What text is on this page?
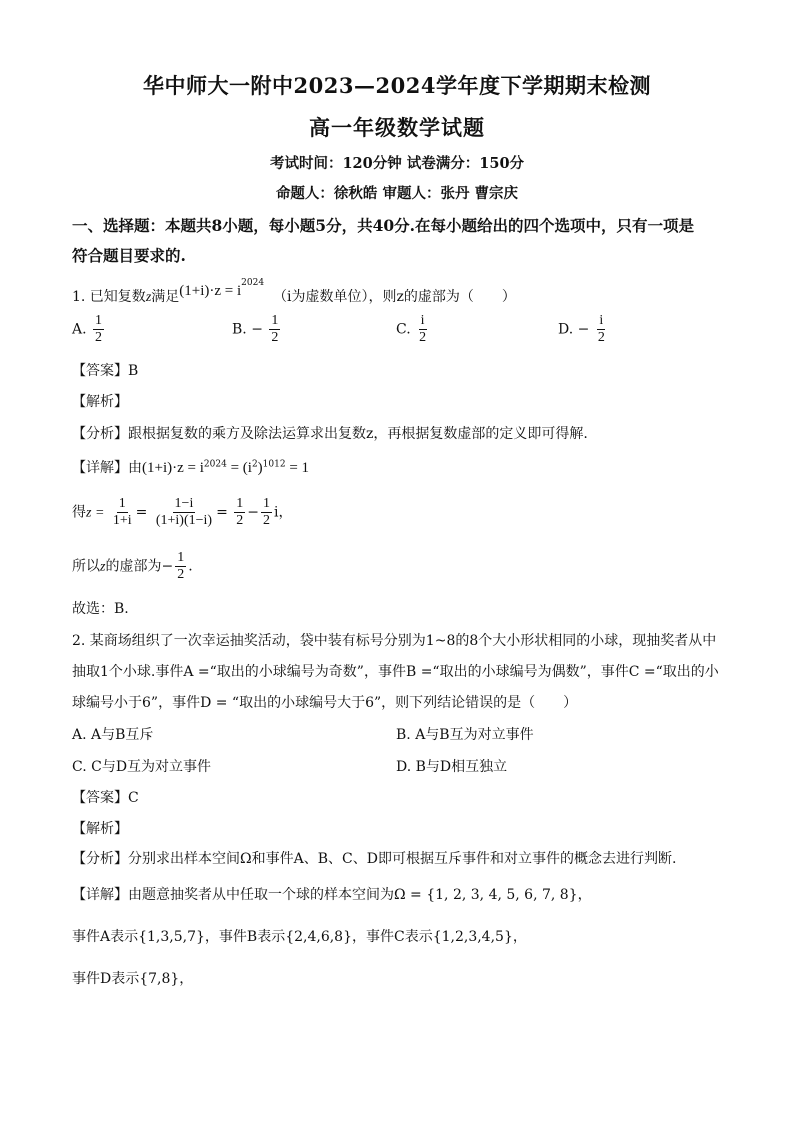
华中师大一附中2023—2024学年度下学期期末检测
高一年级数学试题
考试时间：120分钟 试卷满分：150分
命题人：徐秋皓 审题人：张丹 曹宗庆
一、选择题：本题共8小题，每小题5分，共40分.在每小题给出的四个选项中，只有一项是
符合题目要求的.
1. 已知复数z满足$(1+i)\cdot z = i^{2024}$  （i为虚数单位），则z的虚部为（　　）
A. $\frac{1}{2}$	B. − $\frac{1}{2}$	C. $\frac{i}{2}$	D. − $\frac{i}{2}$
【答案】B
【解析】
【分析】跟根据复数的乘方及除法运算求出复数z，再根据复数虚部的定义即可得解.
【详解】由$(1+i)\cdot z = i^{2024} = (i^2)^{1012} = 1$
得$z = \frac{1}{1+i} = \frac{1-i}{(1+i)(1-i)} = \frac{1}{2} - \frac{1}{2}$ i，
所以z的虚部为− $\frac{1}{2}$ .
故选：B.
2. 某商场组织了一次幸运抽奖活动，袋中装有标号分别为1~8的8个大小形状相同的小球，现抽奖者从中
抽取1个小球.事件A =“取出的小球编号为奇数”，事件B =“取出的小球编号为偶数”，事件C =“取出的小
球编号小于6”，事件D = “取出的小球编号大于6”，则下列结论错误的是（　　）
A. A与B互斥	B. A与B互为对立事件
C. C与D互为对立事件	D. B与D相互独立
【答案】C
【解析】
【分析】分别求出样本空间Ω和事件A、B、C、D即可根据互斥事件和对立事件的概念去进行判断.
【详解】由题意抽奖者从中任取一个球的样本空间为Ω = {1, 2, 3, 4, 5, 6, 7, 8}，
事件A表示{1,3,5,7}，事件B表示{2,4,6,8}，事件C表示{1,2,3,4,5}，
事件D表示{7,8}，
